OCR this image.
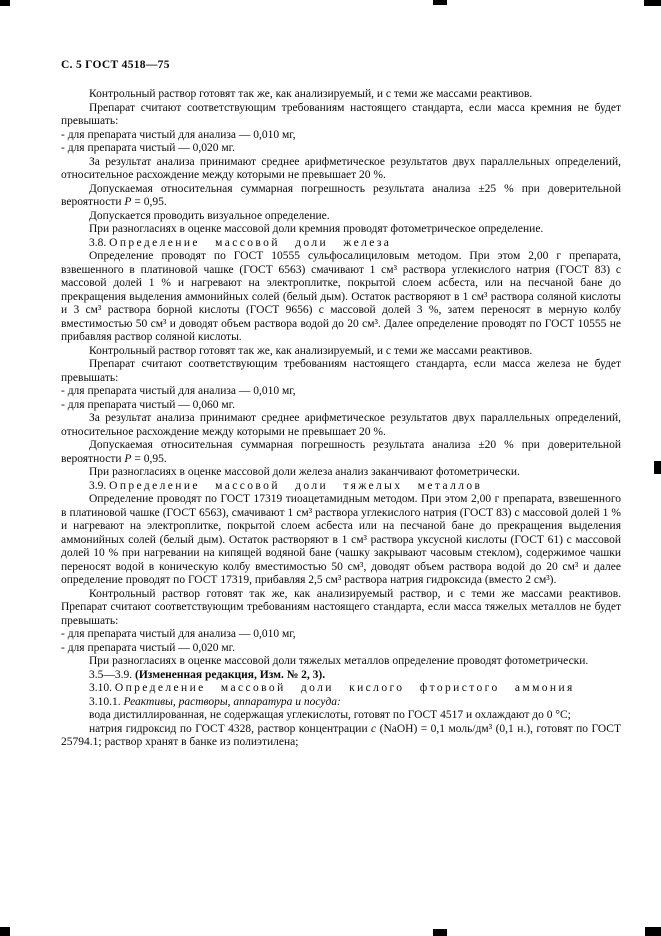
С. 5 ГОСТ 4518—75

Контрольный раствор готовят так же, как анализируемый, и с теми же массами реактивов.

Препарат считают соответствующим требованиям настоящего стандарта, если масса кремния не будет превышать:

- для препарата чистый для анализа — 0,010 мг,

- для препарата чистый — 0,020 мг.

За результат анализа принимают среднее арифметическое результатов двух параллельных определений, относительное расхождение между которыми не превышает 20 %.

Допускаемая относительная суммарная погрешность результата анализа ±25 % при доверительной вероятности Р = 0,95.

Допускается проводить визуальное определение.

При разногласиях в оценке массовой доли кремния проводят фотометрическое определение.

3.8. Определение массовой доли железа

Определение проводят по ГОСТ 10555 сульфосалициловым методом. При этом 2,00 г препарата, взвешенного в платиновой чашке (ГОСТ 6563) смачивают 1 см³ раствора углекислого натрия (ГОСТ 83) с массовой долей 1 % и нагревают на электроплитке, покрытой слоем асбеста, или на песчаной бане до прекращения выделения аммонийных солей (белый дым). Остаток растворяют в 1 см³ раствора соляной кислоты и 3 см³ раствора борной кислоты (ГОСТ 9656) с массовой долей 3 %, затем переносят в мерную колбу вместимостью 50 см³ и доводят объем раствора водой до 20 см³. Далее определение проводят по ГОСТ 10555 не прибавляя раствор соляной кислоты.

Контрольный раствор готовят так же, как анализируемый, и с теми же массами реактивов.

Препарат считают соответствующим требованиям настоящего стандарта, если масса железа не будет превышать:

- для препарата чистый для анализа — 0,010 мг,

- для препарата чистый — 0,060 мг.

За результат анализа принимают среднее арифметическое результатов двух параллельных определений, относительное расхождение между которыми не превышает 20 %.

Допускаемая относительная суммарная погрешность результата анализа ±20 % при доверительной вероятности Р = 0,95.

При разногласиях в оценке массовой доли железа анализ заканчивают фотометрически.

3.9. Определение массовой доли тяжелых металлов

Определение проводят по ГОСТ 17319 тиоацетамидным методом. При этом 2,00 г препарата, взвешенного в платиновой чашке (ГОСТ 6563), смачивают 1 см³ раствора углекислого натрия (ГОСТ 83) с массовой долей 1 % и нагревают на электроплитке, покрытой слоем асбеста или на песчаной бане до прекращения выделения аммонийных солей (белый дым). Остаток растворяют в 1 см³ раствора уксусной кислоты (ГОСТ 61) с массовой долей 10 % при нагревании на кипящей водяной бане (чашку закрывают часовым стеклом), содержимое чашки переносят водой в коническую колбу вместимостью 50 см³, доводят объем раствора водой до 20 см³ и далее определение проводят по ГОСТ 17319, прибавляя 2,5 см³ раствора натрия гидроксида (вместо 2 см³).

Контрольный раствор готовят так же, как анализируемый раствор, и с теми же массами реактивов. Препарат считают соответствующим требованиям настоящего стандарта, если масса тяжелых металлов не будет превышать:

- для препарата чистый для анализа — 0,010 мг,

- для препарата чистый — 0,020 мг.

При разногласиях в оценке массовой доли тяжелых металлов определение проводят фотометрически.

3.5—3.9. (Измененная редакция, Изм. № 2, 3).

3.10. Определение массовой доли кислого фтористого аммония

3.10.1. Реактивы, растворы, аппаратура и посуда:

вода дистиллированная, не содержащая углекислоты, готовят по ГОСТ 4517 и охлаждают до 0 °С;

натрия гидроксид по ГОСТ 4328, раствор концентрации с (NaOH) = 0,1 моль/дм³ (0,1 н.), готовят по ГОСТ 25794.1; раствор хранят в банке из полиэтилена;
